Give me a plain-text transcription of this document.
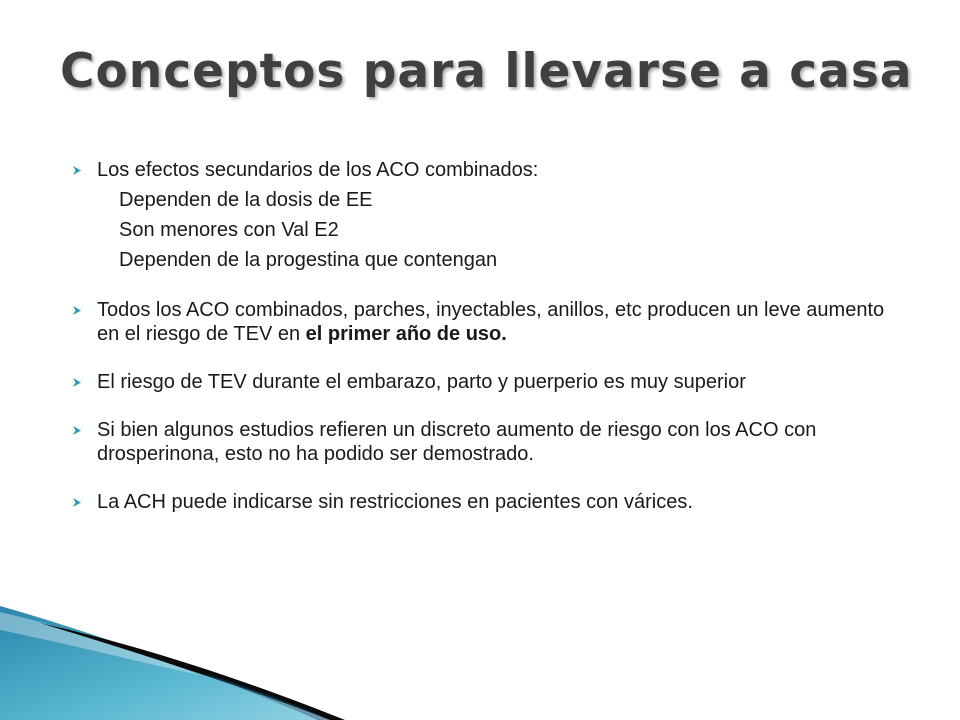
Conceptos para llevarse a casa
Los efectos secundarios de los ACO combinados:
Dependen de la dosis de EE
Son menores con Val E2
Dependen de la progestina que contengan
Todos los ACO combinados, parches, inyectables, anillos, etc producen un leve aumento en el riesgo de TEV en el primer año de uso.
El riesgo de TEV durante el embarazo, parto y puerperio es muy superior
Si bien algunos estudios refieren un discreto aumento de riesgo con los ACO con drosperinona, esto no ha podido ser demostrado.
La ACH puede indicarse sin restricciones en pacientes con várices.
